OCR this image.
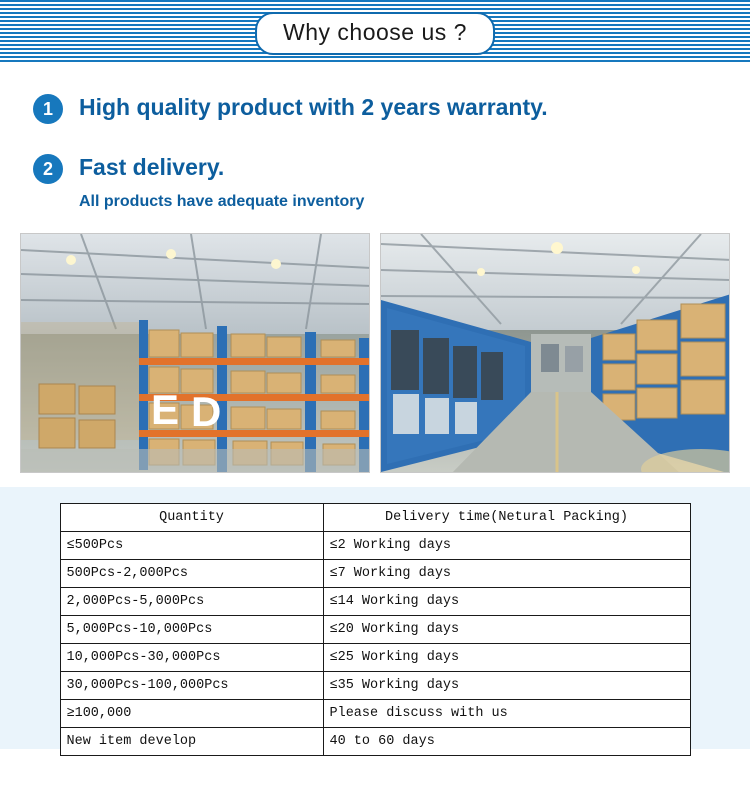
Why choose us ?
1	High quality product with 2 years warranty.
2	Fast delivery.
All products have adequate inventory
E D
Quantity	Delivery time(Netural Packing)
≤500Pcs	≤2 Working days
500Pcs-2,000Pcs	≤7 Working days
2,000Pcs-5,000Pcs	≤14 Working days
5,000Pcs-10,000Pcs	≤20 Working days
10,000Pcs-30,000Pcs	≤25 Working days
30,000Pcs-100,000Pcs	≤35 Working days
≥100,000	Please discuss with us
New item develop	40 to 60 days
